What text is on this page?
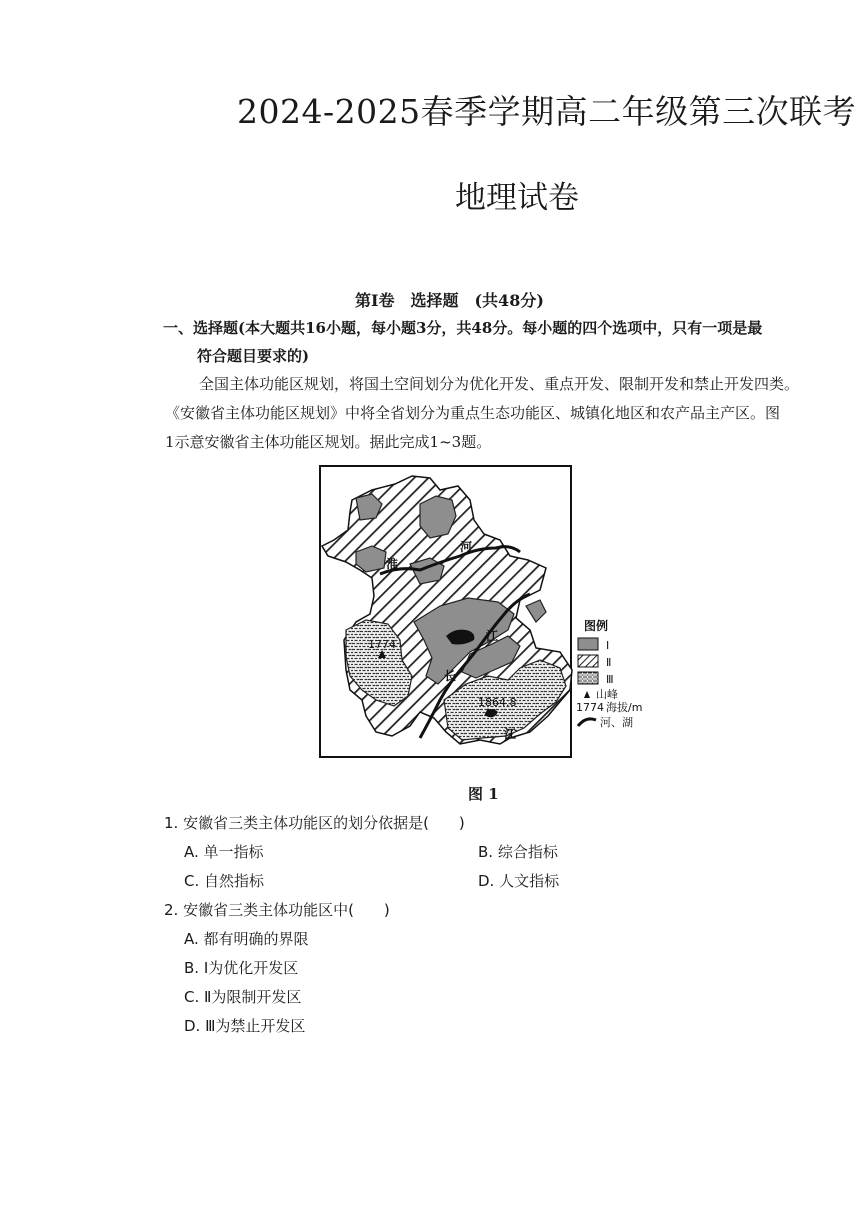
2024-2025春季学期高二年级第三次联考
地理试卷
第Ⅰ卷　选择题　(共48分)
一、选择题(本大题共16小题，每小题3分，共48分。每小题的四个选项中，只有一项是最
符合题目要求的)
全国主体功能区规划，将国土空间划分为优化开发、重点开发、限制开发和禁止开发四类。
《安徽省主体功能区规划》中将全省划分为重点生态功能区、城镇化地区和农产品主产区。图
1示意安徽省主体功能区规划。据此完成1~3题。
河
淮
江
长
江
1774
1864.8
图例
Ⅰ
Ⅱ
Ⅲ
山峰
1774 海拔/m
河、湖
图 1
1. 安徽省三类主体功能区的划分依据是(　　)
A. 单一指标	B. 综合指标
C. 自然指标	D. 人文指标
2. 安徽省三类主体功能区中(　　)
A. 都有明确的界限
B. Ⅰ为优化开发区
C. Ⅱ为限制开发区
D. Ⅲ为禁止开发区
